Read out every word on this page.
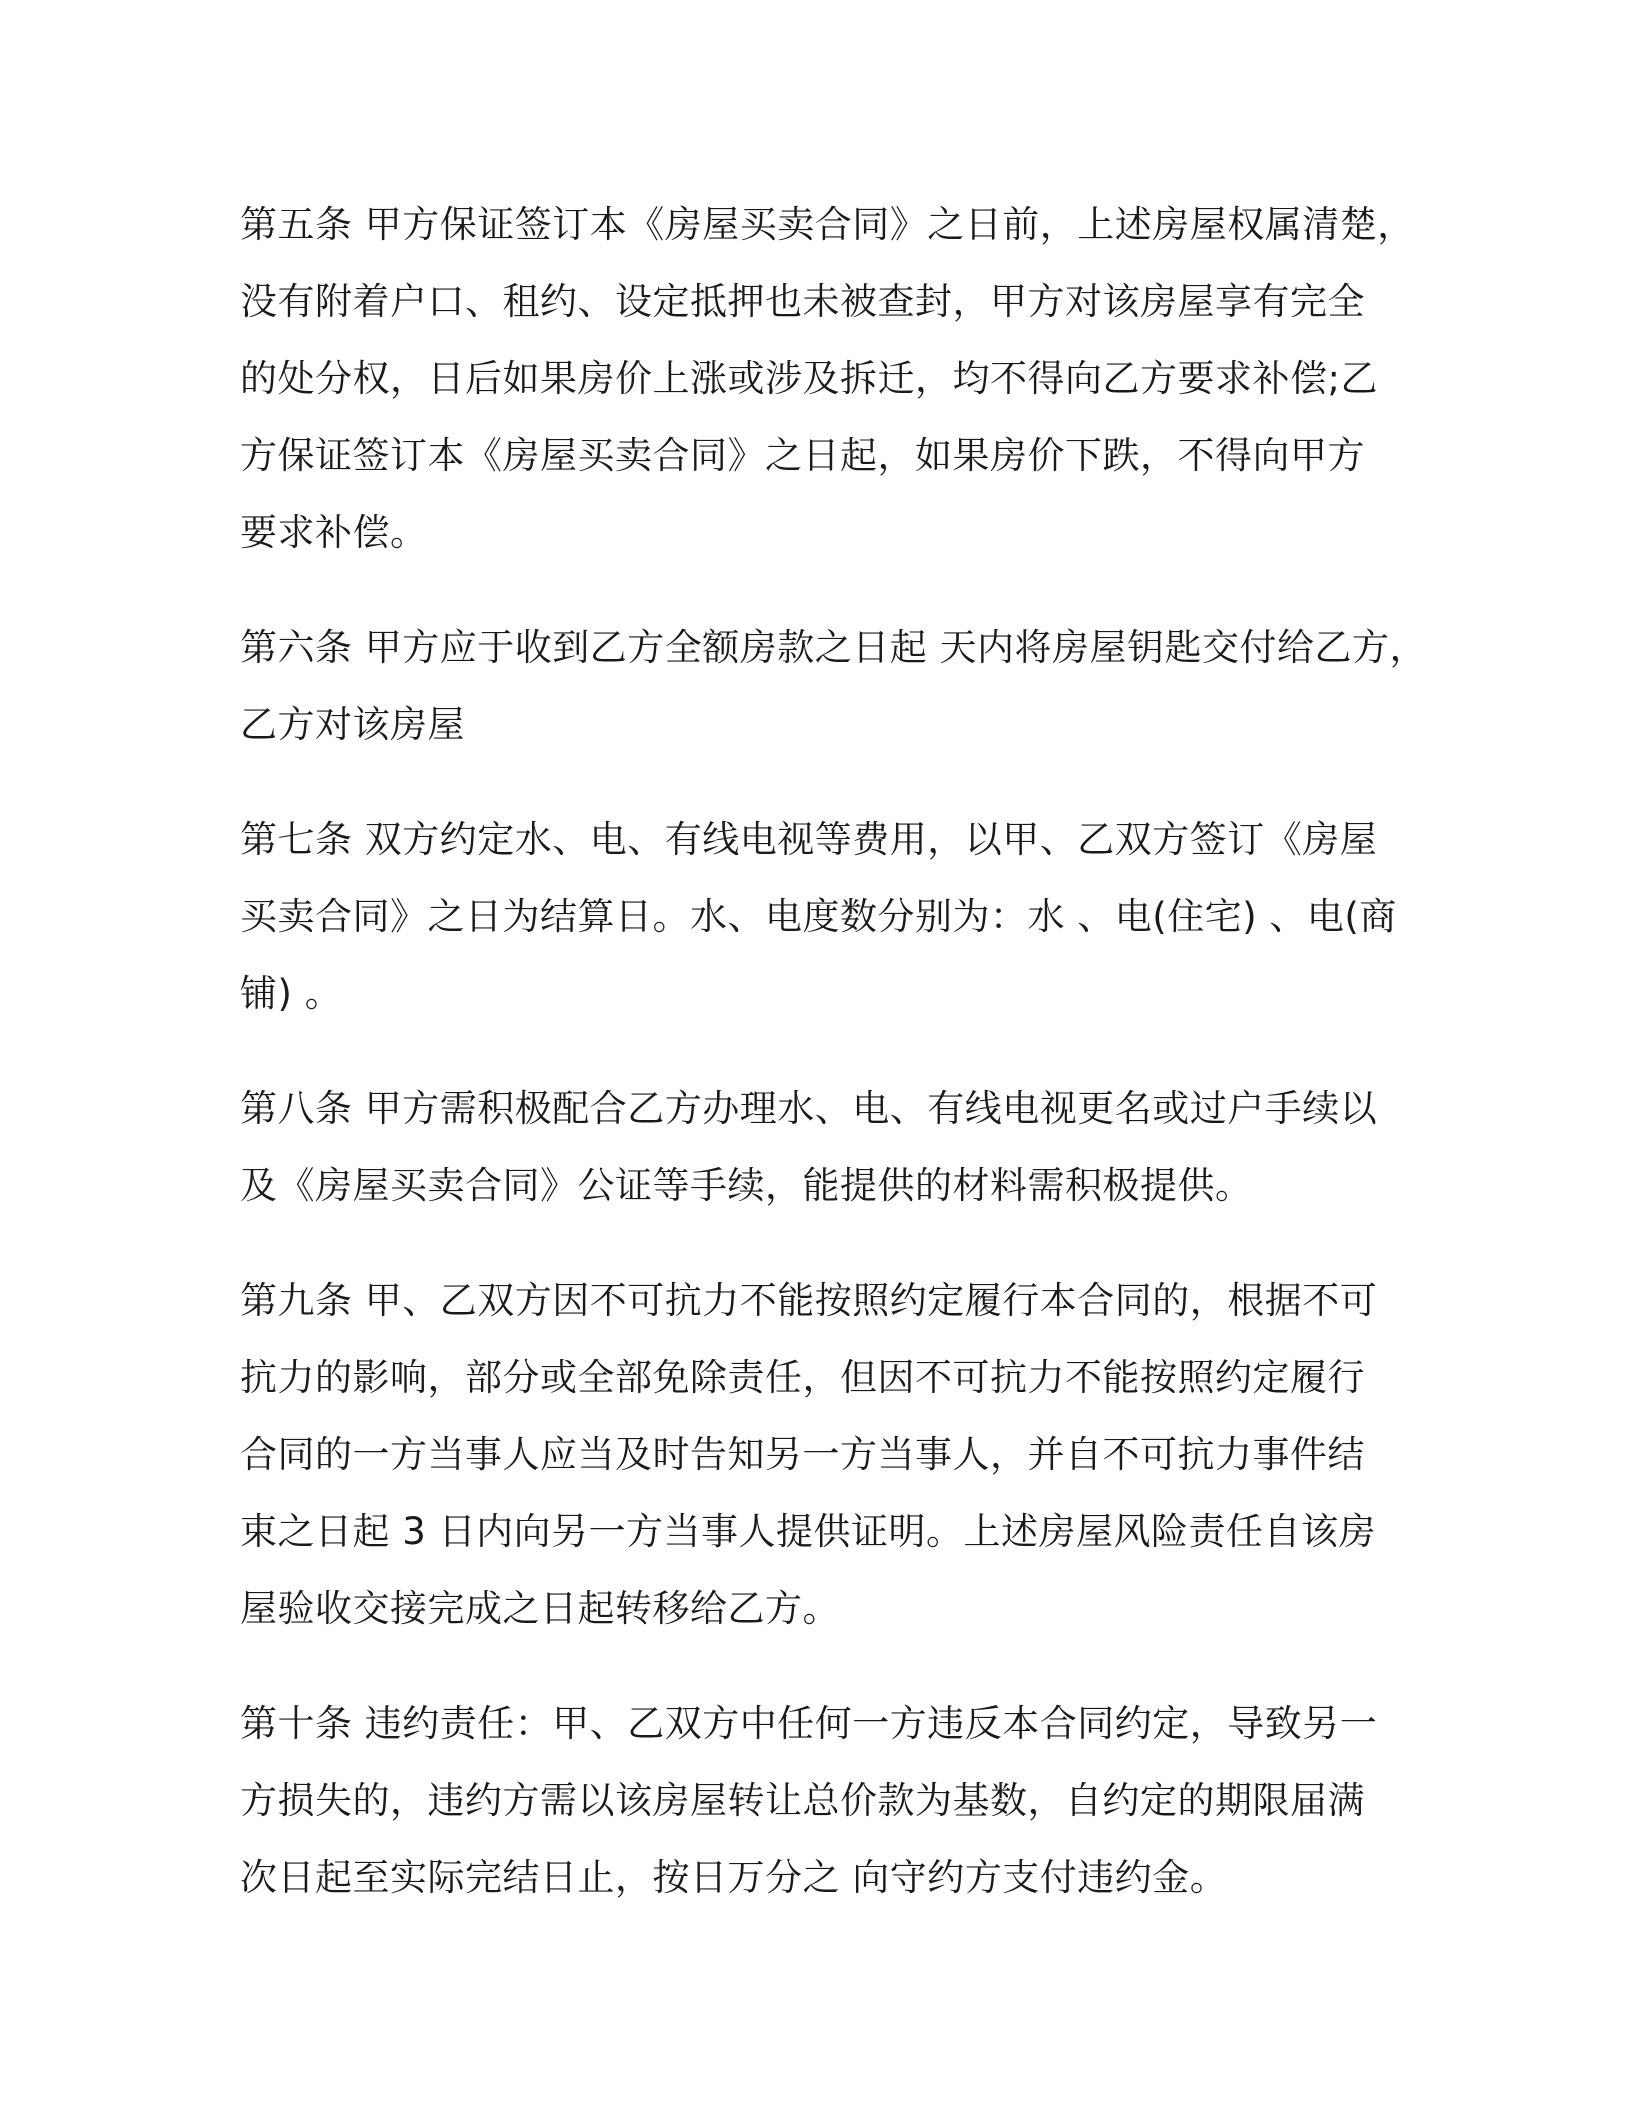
第五条 甲方保证签订本《房屋买卖合同》之日前，上述房屋权属清楚，
没有附着户口、租约、设定抵押也未被查封，甲方对该房屋享有完全
的处分权，日后如果房价上涨或涉及拆迁，均不得向乙方要求补偿;乙
方保证签订本《房屋买卖合同》之日起，如果房价下跌，不得向甲方
要求补偿。
第六条 甲方应于收到乙方全额房款之日起 天内将房屋钥匙交付给乙方，
乙方对该房屋
第七条 双方约定水、电、有线电视等费用，以甲、乙双方签订《房屋
买卖合同》之日为结算日。水、电度数分别为：水 、电(住宅) 、电(商
铺) 。
第八条 甲方需积极配合乙方办理水、电、有线电视更名或过户手续以
及《房屋买卖合同》公证等手续，能提供的材料需积极提供。
第九条 甲、乙双方因不可抗力不能按照约定履行本合同的，根据不可
抗力的影响，部分或全部免除责任，但因不可抗力不能按照约定履行
合同的一方当事人应当及时告知另一方当事人，并自不可抗力事件结
束之日起 3 日内向另一方当事人提供证明。上述房屋风险责任自该房
屋验收交接完成之日起转移给乙方。
第十条 违约责任：甲、乙双方中任何一方违反本合同约定，导致另一
方损失的，违约方需以该房屋转让总价款为基数，自约定的期限届满
次日起至实际完结日止，按日万分之 向守约方支付违约金。
